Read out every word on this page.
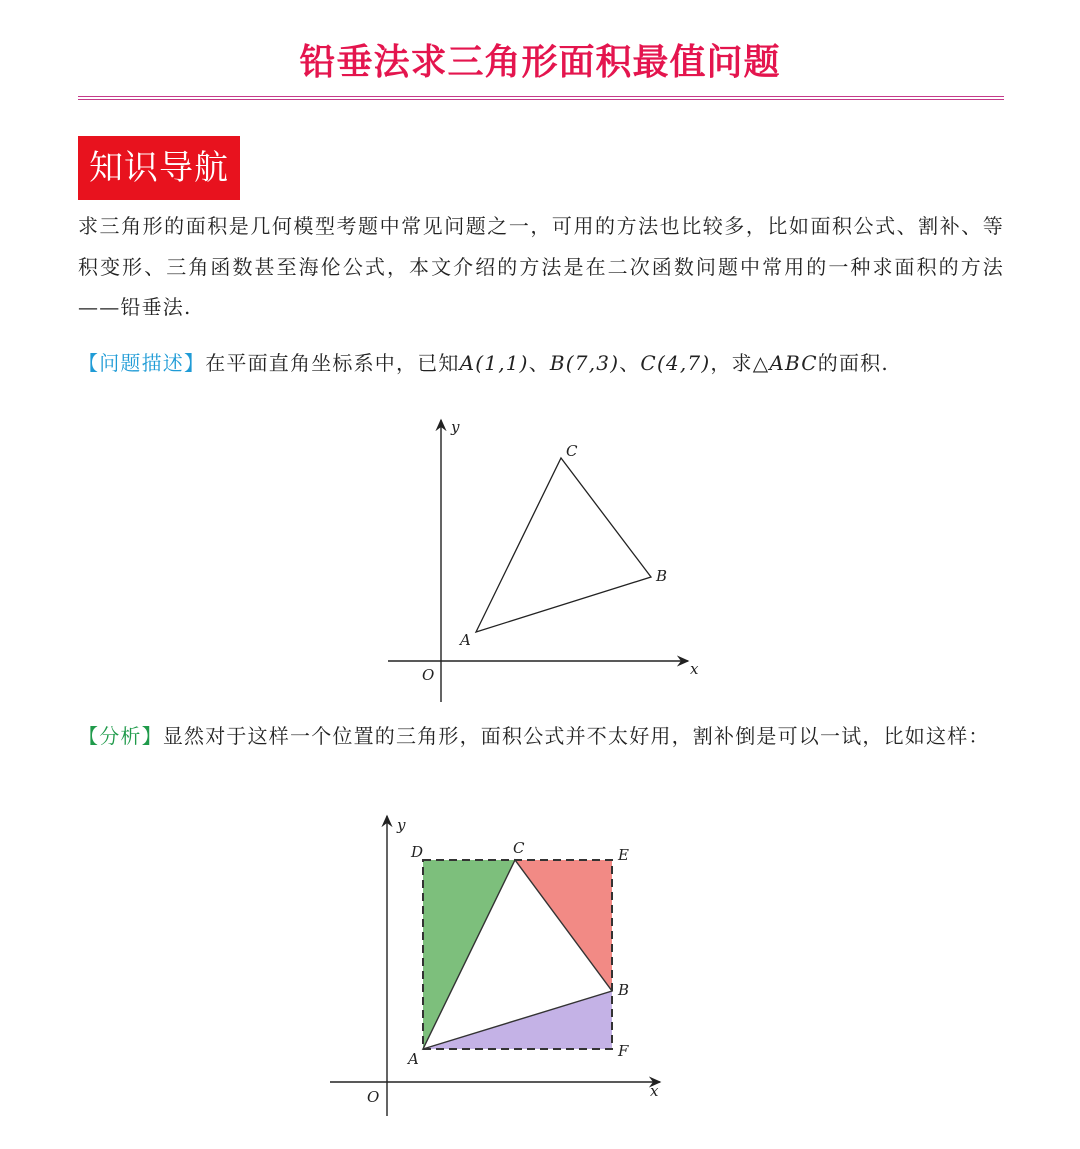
铅垂法求三角形面积最值问题
知识导航
求三角形的面积是几何模型考题中常见问题之一，可用的方法也比较多，比如面积公式、割补、等积变形、三角函数甚至海伦公式，本文介绍的方法是在二次函数问题中常用的一种求面积的方法——铅垂法.
【问题描述】在平面直角坐标系中，已知A(1,1)、B(7,3)、C(4,7)，求△ABC的面积.
x
y
O
A
B
C
【分析】显然对于这样一个位置的三角形，面积公式并不太好用，割补倒是可以一试，比如这样：
x
y
O
A
B
C
D	E
F
